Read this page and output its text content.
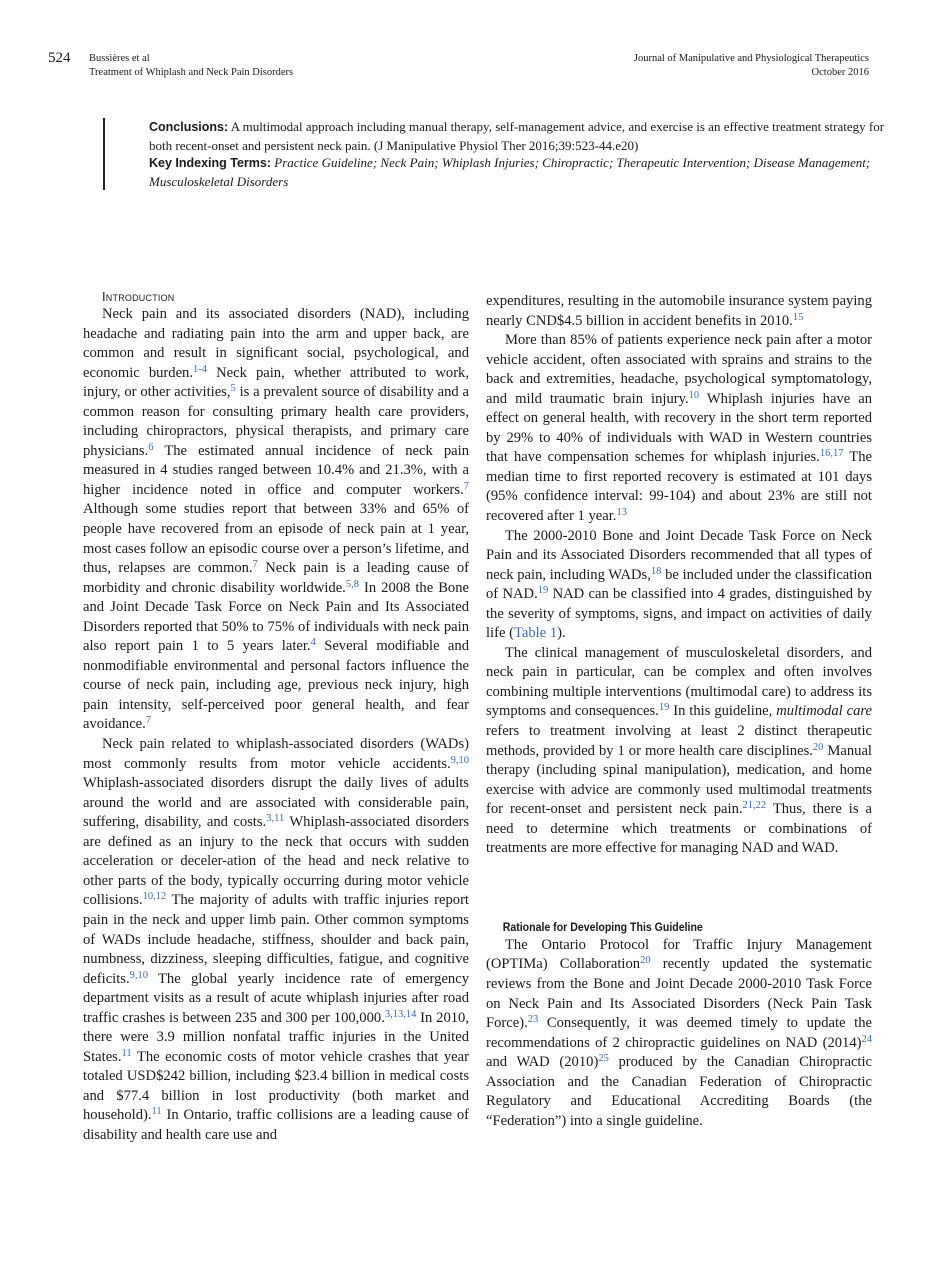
524 Bussières et al
Treatment of Whiplash and Neck Pain Disorders
Journal of Manipulative and Physiological Therapeutics
October 2016

Conclusions: A multimodal approach including manual therapy, self-management advice, and exercise is an effective treatment strategy for both recent-onset and persistent neck pain. (J Manipulative Physiol Ther 2016;39:523-44.e20)

Key Indexing Terms: Practice Guideline; Neck Pain; Whiplash Injuries; Chiropractic; Therapeutic Intervention; Disease Management; Musculoskeletal Disorders

Introduction

Neck pain and its associated disorders (NAD), including headache and radiating pain into the arm and upper back, are common and result in significant social, psychological, and economic burden.$^{1-4}$ Neck pain, whether attributed to work, injury, or other activities,$^5$ is a prevalent source of disability and a common reason for consulting primary health care providers, including chiropractors, physical therapists, and primary care physicians.$^6$ The estimated annual incidence of neck pain measured in 4 studies ranged between 10.4% and 21.3%, with a higher incidence noted in office and computer workers.$^7$ Although some studies report that between 33% and 65% of people have recovered from an episode of neck pain at 1 year, most cases follow an episodic course over a person’s lifetime, and thus, relapses are common.$^7$ Neck pain is a leading cause of morbidity and chronic disability worldwide.$^{5,8}$ In 2008 the Bone and Joint Decade Task Force on Neck Pain and Its Associated Disorders reported that 50% to 75% of individuals with neck pain also report pain 1 to 5 years later.$^4$ Several modifiable and nonmodifiable environmental and personal factors influence the course of neck pain, including age, previous neck injury, high pain intensity, self-perceived poor general health, and fear avoidance.$^7$

Neck pain related to whiplash-associated disorders (WADs) most commonly results from motor vehicle accidents.$^{9,10}$ Whiplash-associated disorders disrupt the daily lives of adults around the world and are associated with considerable pain, suffering, disability, and costs.$^{3,11}$ Whiplash-associated disorders are defined as an injury to the neck that occurs with sudden acceleration or deceler-ation of the head and neck relative to other parts of the body, typically occurring during motor vehicle collisions.$^{10,12}$ The majority of adults with traffic injuries report pain in the neck and upper limb pain. Other common symptoms of WADs include headache, stiffness, shoulder and back pain, numbness, dizziness, sleeping difficulties, fatigue, and cognitive deficits.$^{9,10}$ The global yearly incidence rate of emergency department visits as a result of acute whiplash injuries after road traffic crashes is between 235 and 300 per 100,000.$^{3,13,14}$ In 2010, there were 3.9 million nonfatal traffic injuries in the United States.$^{11}$ The economic costs of motor vehicle crashes that year totaled USD$242 billion, including $23.4 billion in medical costs and $77.4 billion in lost productivity (both market and household).$^{11}$ In Ontario, traffic collisions are a leading cause of disability and health care use and

expenditures, resulting in the automobile insurance system paying nearly CND$4.5 billion in accident benefits in 2010.15

More than 85% of patients experience neck pain after a motor vehicle accident, often associated with sprains and strains to the back and extremities, headache, psychological symptomatology, and mild traumatic brain injury.$^{10}$ Whiplash injuries have an effect on general health, with recovery in the short term reported by 29% to 40% of individuals with WAD in Western countries that have compensation schemes for whiplash injuries.$^{16,17}$ The median time to first reported recovery is estimated at 101 days (95% confidence interval: 99-104) and about 23% are still not recovered after 1 year.$^{13}$

The 2000-2010 Bone and Joint Decade Task Force on Neck Pain and its Associated Disorders recommended that all types of neck pain, including WADs,$^{18}$ be included under the classification of NAD.$^{19}$ NAD can be classified into 4 grades, distinguished by the severity of symptoms, signs, and impact on activities of daily life (Table 1).

The clinical management of musculoskeletal disorders, and neck pain in particular, can be complex and often involves combining multiple interventions (multimodal care) to address its symptoms and consequences.$^{19}$ In this guideline, multimodal care refers to treatment involving at least 2 distinct therapeutic methods, provided by 1 or more health care disciplines.$^{20}$ Manual therapy (including spinal manipulation), medication, and home exercise with advice are commonly used multimodal treatments for recent-onset and persistent neck pain.$^{21,22}$ Thus, there is a need to determine which treatments or combinations of treatments are more effective for managing NAD and WAD.

Rationale for Developing This Guideline

The Ontario Protocol for Traffic Injury Management (OPTIMa) Collaboration$^{20}$ recently updated the systematic reviews from the Bone and Joint Decade 2000-2010 Task Force on Neck Pain and Its Associated Disorders (Neck Pain Task Force).$^{23}$ Consequently, it was deemed timely to update the recommendations of 2 chiropractic guidelines on NAD (2014)$^{24}$ and WAD (2010)$^{25}$ produced by the Canadian Chiropractic Association and the Canadian Federation of Chiropractic Regulatory and Educational Accrediting Boards (the “Federation”) into a single guideline.
